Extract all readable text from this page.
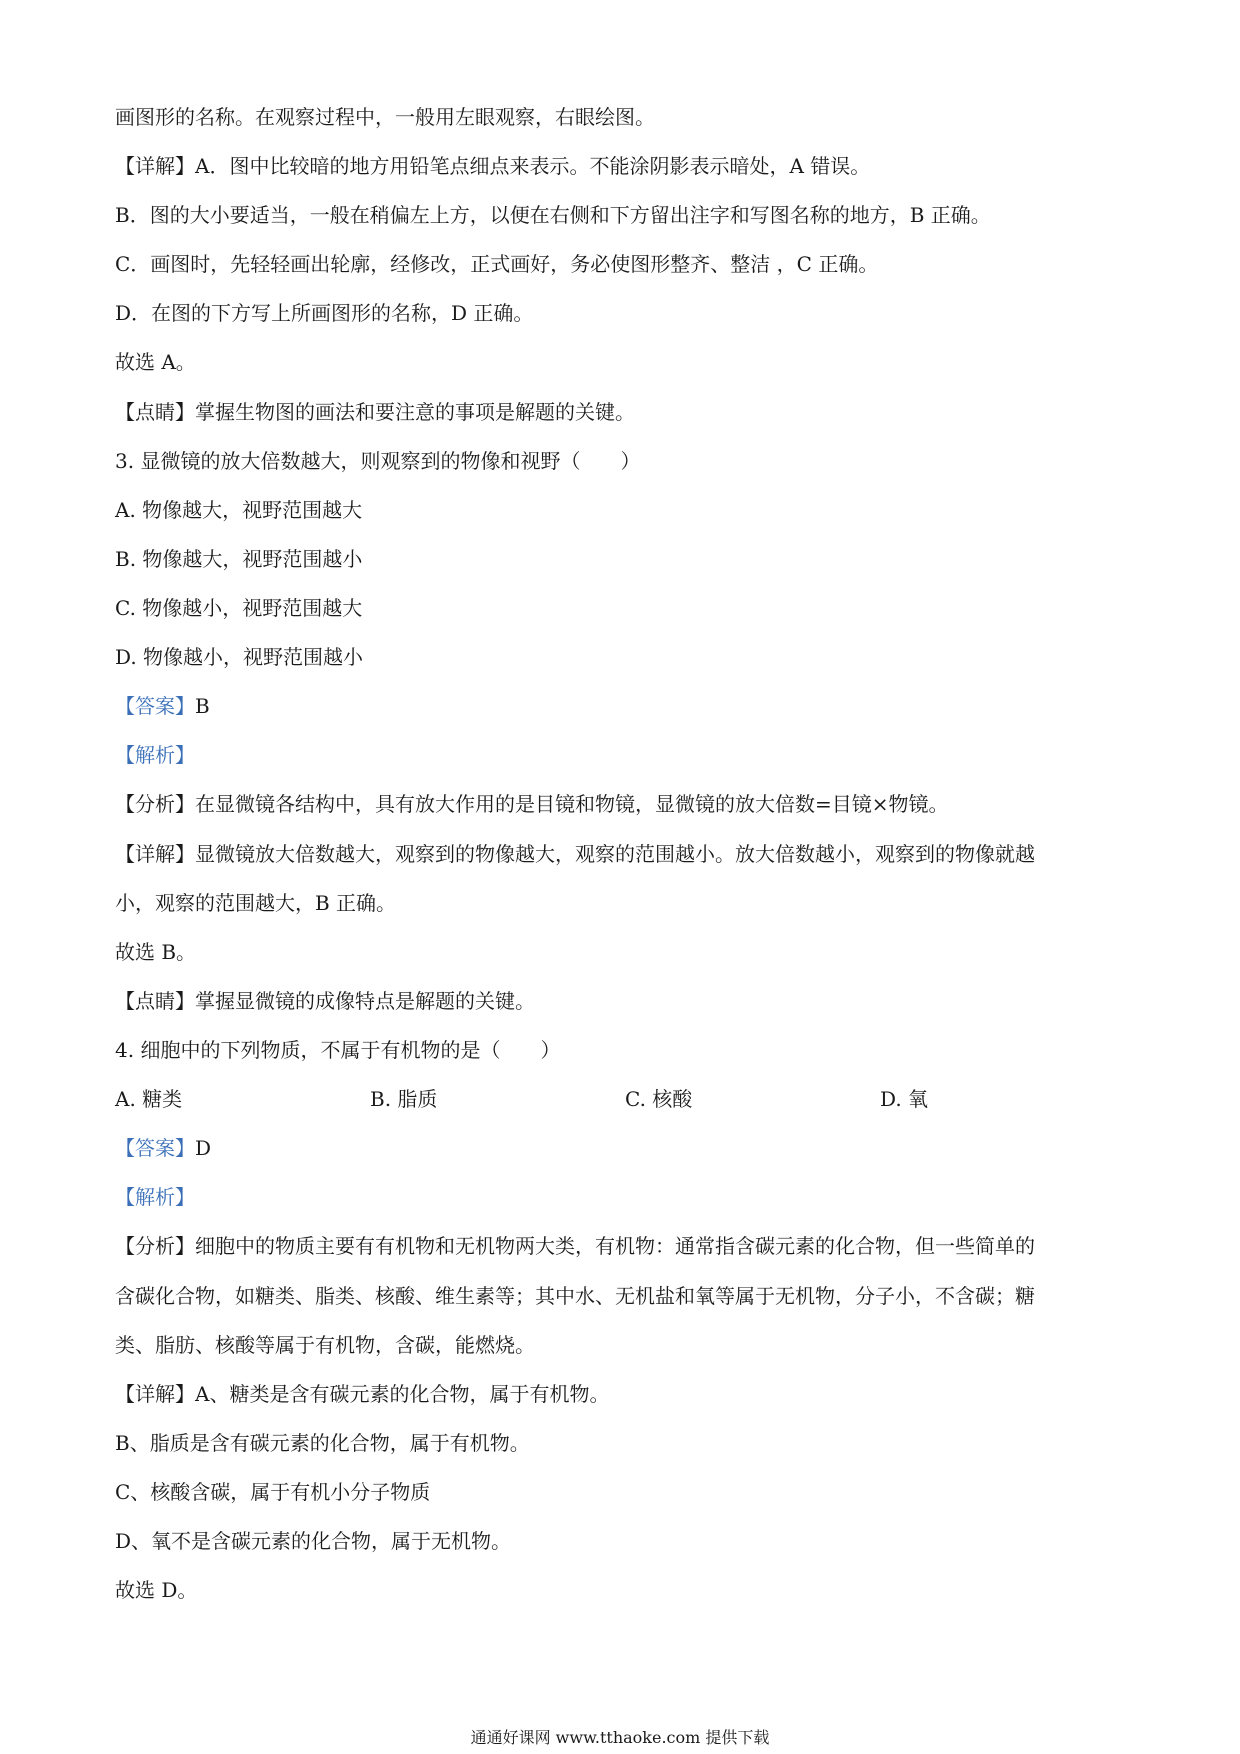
画图形的名称。在观察过程中，一般用左眼观察，右眼绘图。

【详解】A．图中比较暗的地方用铅笔点细点来表示。不能涂阴影表示暗处，A 错误。

B．图的大小要适当，一般在稍偏左上方，以便在右侧和下方留出注字和写图名称的地方，B 正确。

C．画图时，先轻轻画出轮廓，经修改，正式画好，务必使图形整齐、整洁 ，C 正确。

D．在图的下方写上所画图形的名称，D 正确。

故选 A。

【点睛】掌握生物图的画法和要注意的事项是解题的关键。

3. 显微镜的放大倍数越大，则观察到的物像和视野（　　）

A. 物像越大，视野范围越大

B. 物像越大，视野范围越小

C. 物像越小，视野范围越大

D. 物像越小，视野范围越小

【答案】B

【解析】

【分析】在显微镜各结构中，具有放大作用的是目镜和物镜，显微镜的放大倍数=目镜×物镜。

【详解】显微镜放大倍数越大，观察到的物像越大，观察的范围越小。放大倍数越小，观察到的物像就越

小，观察的范围越大，B 正确。

故选 B。

【点睛】掌握显微镜的成像特点是解题的关键。

4. 细胞中的下列物质，不属于有机物的是（　　）

A. 糖类	B. 脂质	C. 核酸	D. 氧

【答案】D

【解析】

【分析】细胞中的物质主要有有机物和无机物两大类，有机物：通常指含碳元素的化合物，但一些简单的

含碳化合物，如糖类、脂类、核酸、维生素等；其中水、无机盐和氧等属于无机物，分子小，不含碳；糖

类、脂肪、核酸等属于有机物，含碳，能燃烧。

【详解】A、糖类是含有碳元素的化合物，属于有机物。

B、脂质是含有碳元素的化合物，属于有机物。

C、核酸含碳，属于有机小分子物质

D、氧不是含碳元素的化合物，属于无机物。

故选 D。

通通好课网 www.tthaoke.com 提供下载
